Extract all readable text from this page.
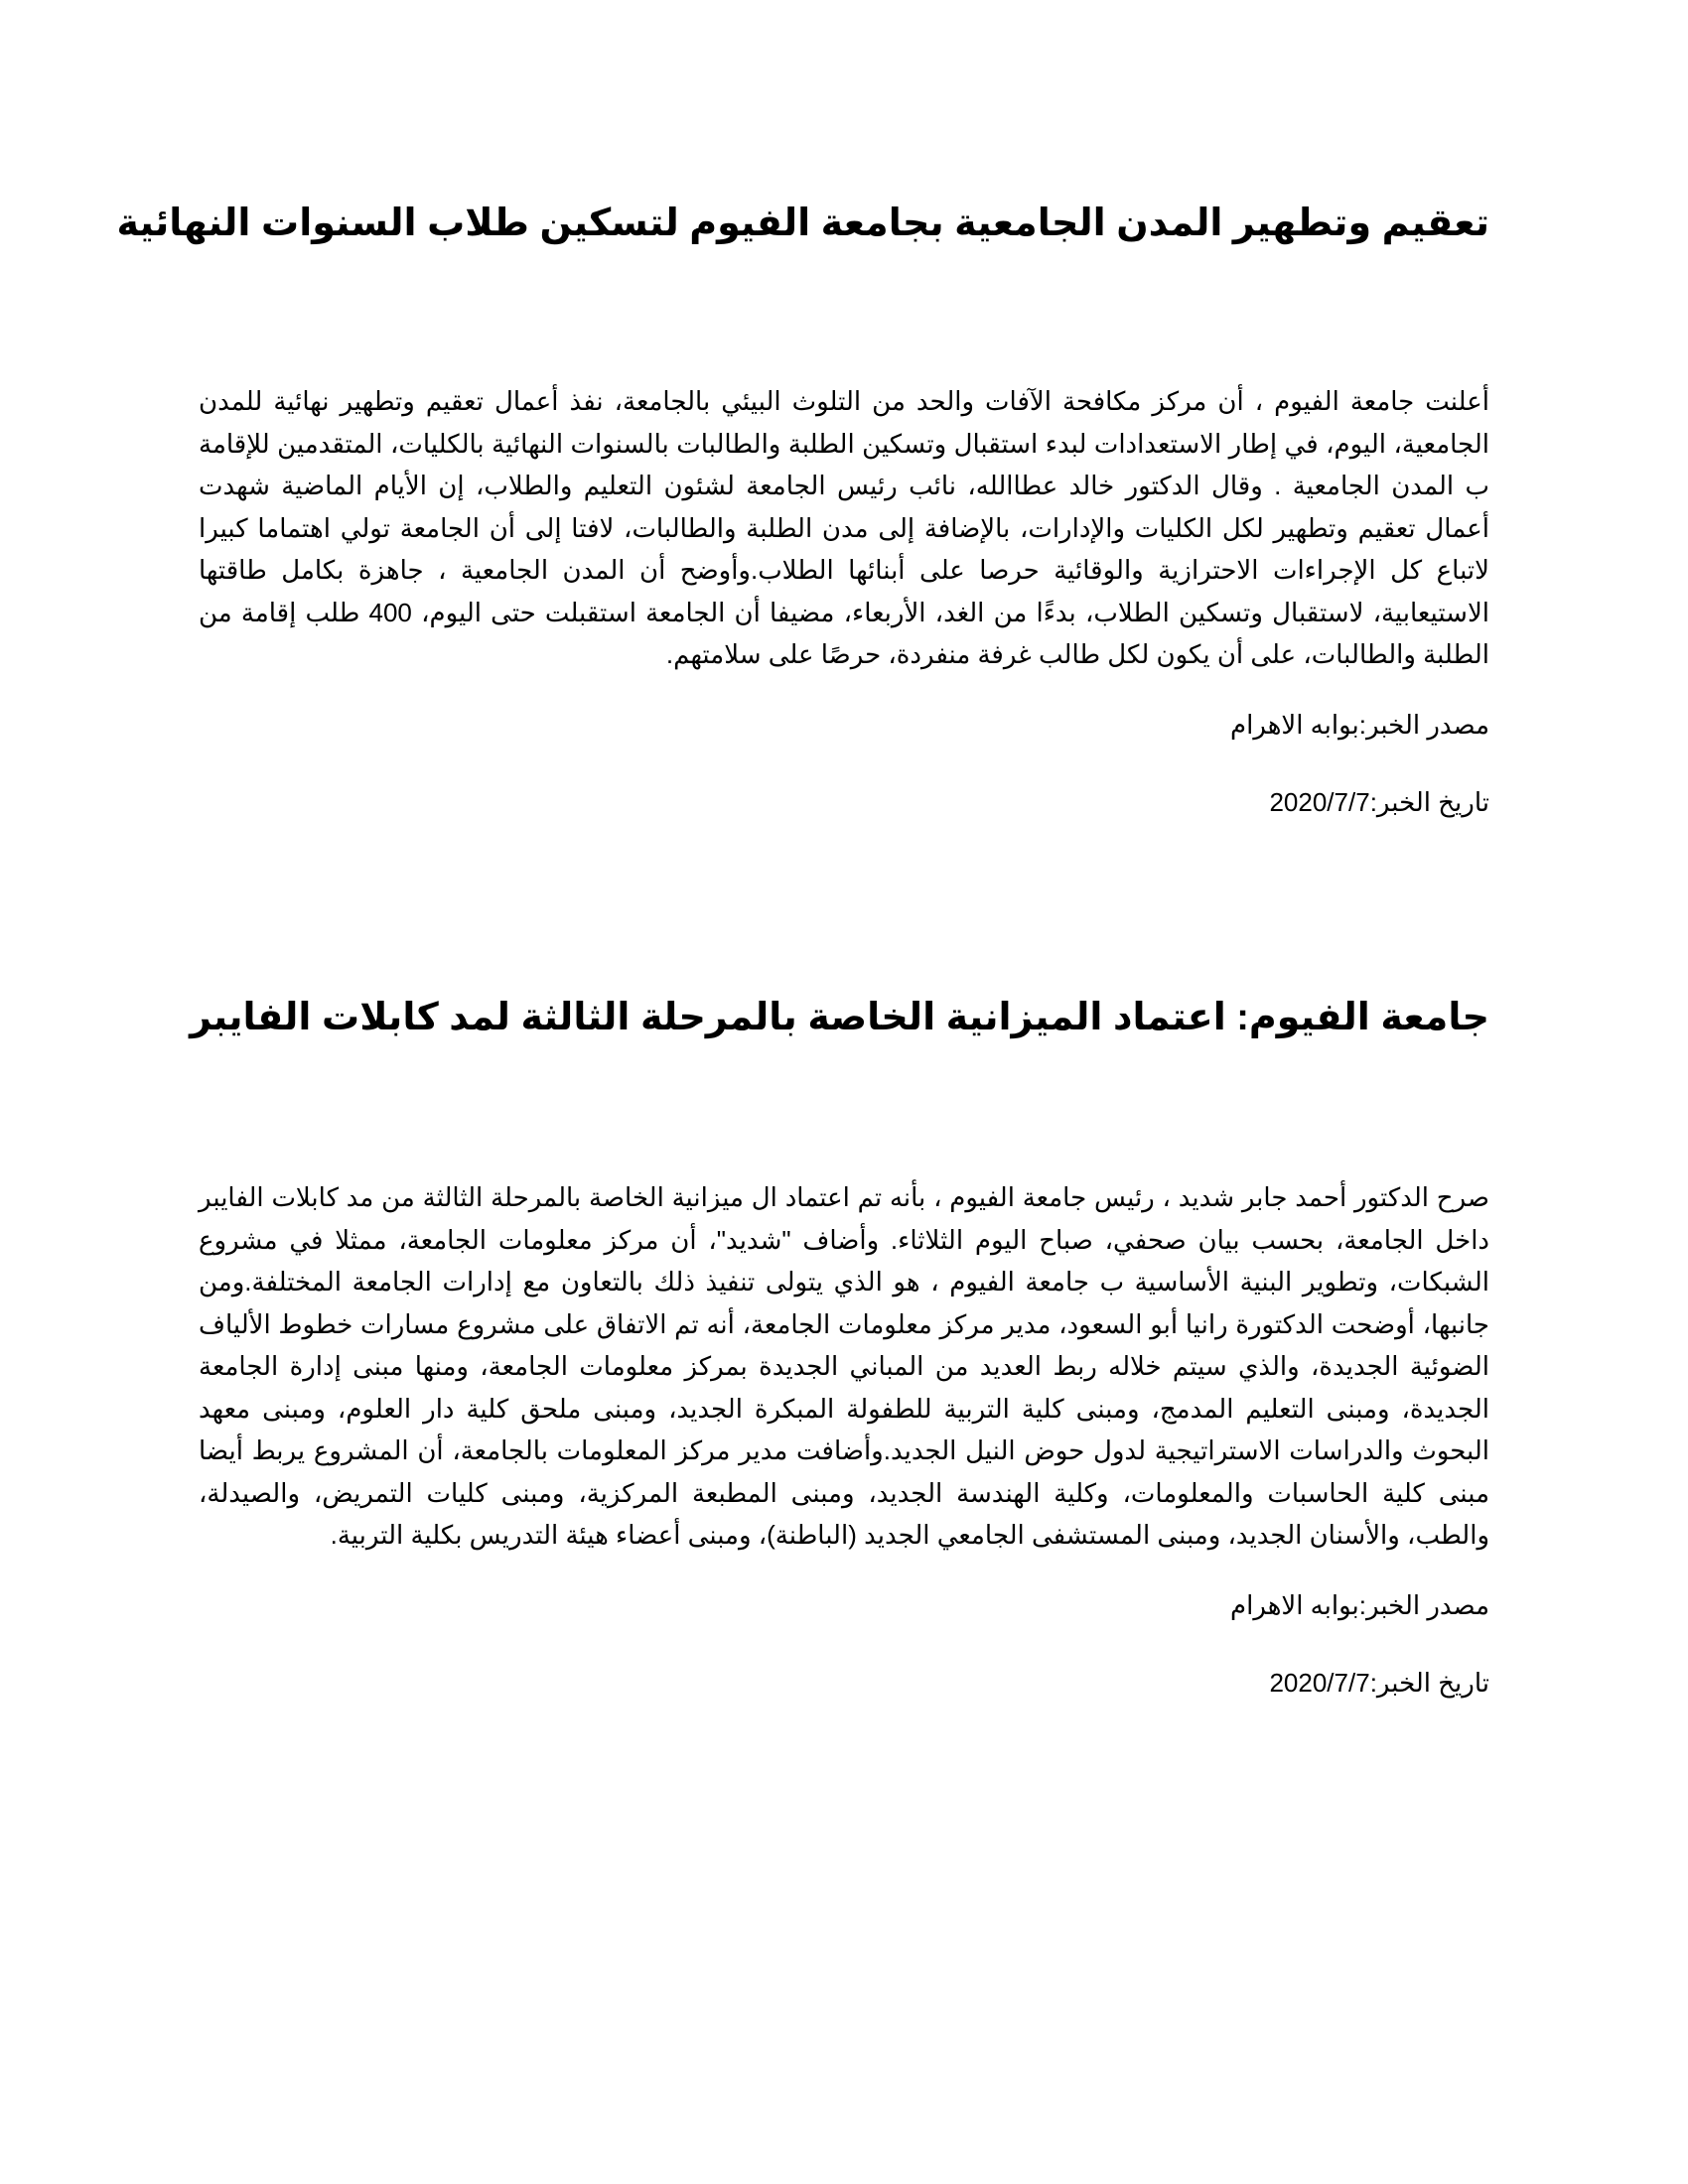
تعقيم وتطهير المدن الجامعية بجامعة الفيوم لتسكين طلاب السنوات النهائية

أعلنت جامعة الفيوم ، أن مركز مكافحة الآفات والحد من التلوث البيئي بالجامعة، نفذ أعمال تعقيم وتطهير نهائية للمدن الجامعية، اليوم، في إطار الاستعدادات لبدء استقبال وتسكين الطلبة والطالبات بالسنوات النهائية بالكليات، المتقدمين للإقامة ب المدن الجامعية . وقال الدكتور خالد عطاالله، نائب رئيس الجامعة لشئون التعليم والطلاب، إن الأيام الماضية شهدت أعمال تعقيم وتطهير لكل الكليات والإدارات، بالإضافة إلى مدن الطلبة والطالبات، لافتا إلى أن الجامعة تولي اهتماما كبيرا لاتباع كل الإجراءات الاحترازية والوقائية حرصا على أبنائها الطلاب.وأوضح أن المدن الجامعية ، جاهزة بكامل طاقتها الاستيعابية، لاستقبال وتسكين الطلاب، بدءًا من الغد، الأربعاء، مضيفا أن الجامعة استقبلت حتى اليوم، 400 طلب إقامة من الطلبة والطالبات، على أن يكون لكل طالب غرفة منفردة، حرصًا على سلامتهم.

مصدر الخبر:بوابه الاهرام

تاريخ الخبر:2020/7/7

جامعة الفيوم: اعتماد الميزانية الخاصة بالمرحلة الثالثة لمد كابلات الفايبر

صرح الدكتور أحمد جابر شديد ، رئيس جامعة الفيوم ، بأنه تم اعتماد ال ميزانية الخاصة بالمرحلة الثالثة من مد كابلات الفايبر داخل الجامعة، بحسب بيان صحفي، صباح اليوم الثلاثاء. وأضاف "شديد"، أن مركز معلومات الجامعة، ممثلا في مشروع الشبكات، وتطوير البنية الأساسية ب جامعة الفيوم ، هو الذي يتولى تنفيذ ذلك بالتعاون مع إدارات الجامعة المختلفة.ومن جانبها، أوضحت الدكتورة رانيا أبو السعود، مدير مركز معلومات الجامعة، أنه تم الاتفاق على مشروع مسارات خطوط الألياف الضوئية الجديدة، والذي سيتم خلاله ربط العديد من المباني الجديدة بمركز معلومات الجامعة، ومنها مبنى إدارة الجامعة الجديدة، ومبنى التعليم المدمج، ومبنى كلية التربية للطفولة المبكرة الجديد، ومبنى ملحق كلية دار العلوم، ومبنى معهد البحوث والدراسات الاستراتيجية لدول حوض النيل الجديد.وأضافت مدير مركز المعلومات بالجامعة، أن المشروع يربط أيضا مبنى كلية الحاسبات والمعلومات، وكلية الهندسة الجديد، ومبنى المطبعة المركزية، ومبنى كليات التمريض، والصيدلة، والطب، والأسنان الجديد، ومبنى المستشفى الجامعي الجديد (الباطنة)، ومبنى أعضاء هيئة التدريس بكلية التربية.

مصدر الخبر:بوابه الاهرام

تاريخ الخبر:2020/7/7
